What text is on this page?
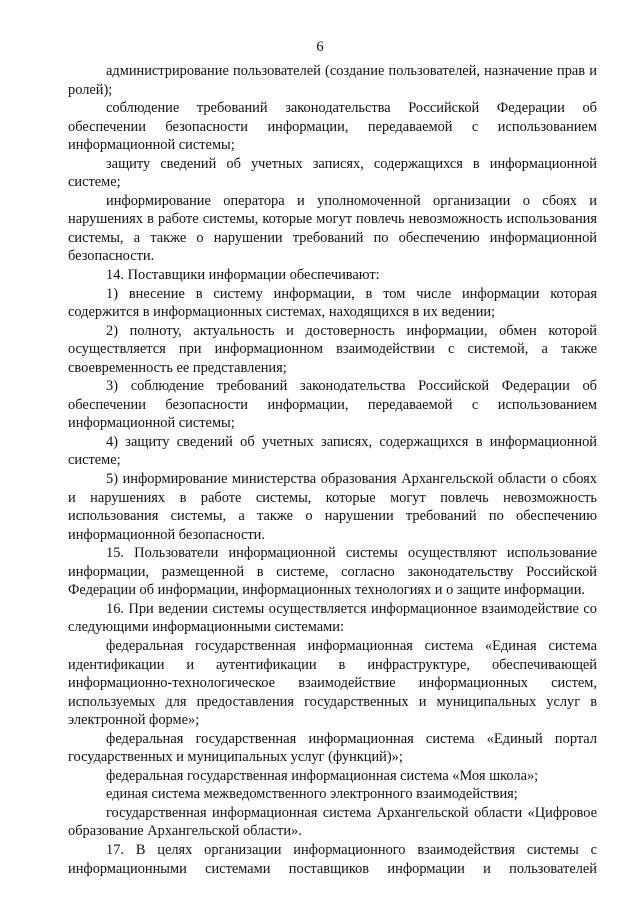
6

администрирование пользователей (создание пользователей, назначение прав и ролей);

соблюдение требований законодательства Российской Федерации об обеспечении безопасности информации, передаваемой с использованием информационной системы;

защиту сведений об учетных записях, содержащихся в информационной системе;

информирование оператора и уполномоченной организации о сбоях и нарушениях в работе системы, которые могут повлечь невозможность использования системы, а также о нарушении требований по обеспечению информационной безопасности.

14. Поставщики информации обеспечивают:

1) внесение в систему информации, в том числе информации которая содержится в информационных системах, находящихся в их ведении;

2) полноту, актуальность и достоверность информации, обмен которой осуществляется при информационном взаимодействии с системой, а также своевременность ее представления;

3) соблюдение требований законодательства Российской Федерации об обеспечении безопасности информации, передаваемой с использованием информационной системы;

4) защиту сведений об учетных записях, содержащихся в информационной системе;

5) информирование министерства образования Архангельской области о сбоях и нарушениях в работе системы, которые могут повлечь невозможность использования системы, а также о нарушении требований по обеспечению информационной безопасности.

15. Пользователи информационной системы осуществляют использование информации, размещенной в системе, согласно законодательству Российской Федерации об информации, информационных технологиях и о защите информации.

16. При ведении системы осуществляется информационное взаимодействие со следующими информационными системами:

федеральная государственная информационная система «Единая система идентификации и аутентификации в инфраструктуре, обеспечивающей информационно-технологическое взаимодействие информационных систем, используемых для предоставления государственных и муниципальных услуг в электронной форме»;

федеральная государственная информационная система «Единый портал государственных и муниципальных услуг (функций)»;

федеральная государственная информационная система «Моя школа»;

единая система межведомственного электронного взаимодействия;

государственная информационная система Архангельской области «Цифровое образование Архангельской области».

17. В целях организации информационного взаимодействия системы с информационными системами поставщиков информации и пользователей
